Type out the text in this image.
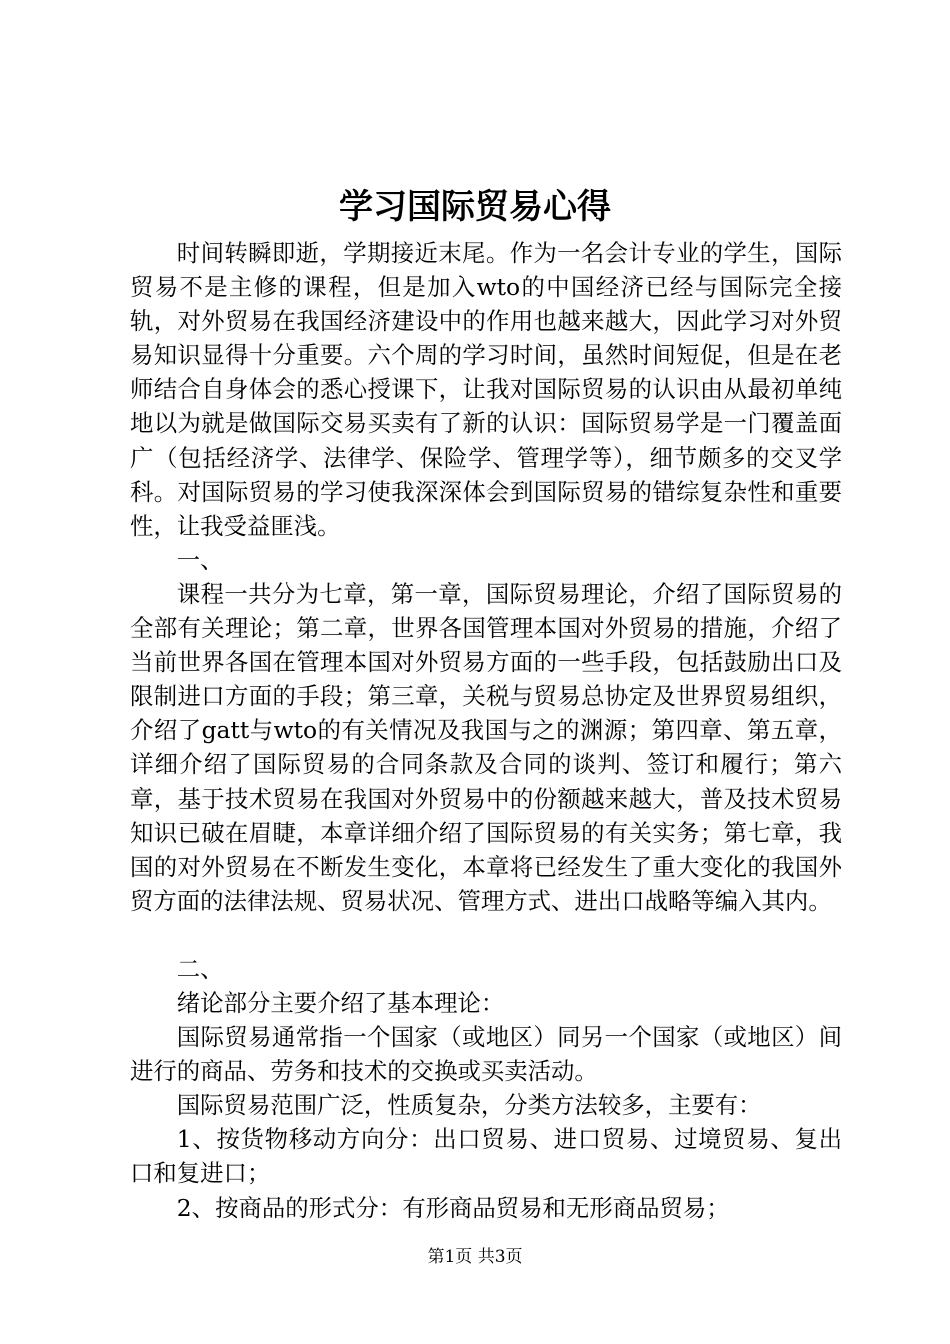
学习国际贸易心得

时间转瞬即逝，学期接近末尾。作为一名会计专业的学生，国际贸易不是主修的课程，但是加入wto的中国经济已经与国际完全接轨，对外贸易在我国经济建设中的作用也越来越大，因此学习对外贸易知识显得十分重要。六个周的学习时间，虽然时间短促，但是在老师结合自身体会的悉心授课下，让我对国际贸易的认识由从最初单纯地以为就是做国际交易买卖有了新的认识：国际贸易学是一门覆盖面广（包括经济学、法律学、保险学、管理学等），细节颇多的交叉学科。对国际贸易的学习使我深深体会到国际贸易的错综复杂性和重要性，让我受益匪浅。

一、

课程一共分为七章，第一章，国际贸易理论，介绍了国际贸易的全部有关理论；第二章，世界各国管理本国对外贸易的措施，介绍了当前世界各国在管理本国对外贸易方面的一些手段，包括鼓励出口及限制进口方面的手段；第三章，关税与贸易总协定及世界贸易组织，介绍了gatt与wto的有关情况及我国与之的渊源；第四章、第五章，详细介绍了国际贸易的合同条款及合同的谈判、签订和履行；第六章，基于技术贸易在我国对外贸易中的份额越来越大，普及技术贸易知识已破在眉睫，本章详细介绍了国际贸易的有关实务；第七章，我国的对外贸易在不断发生变化，本章将已经发生了重大变化的我国外贸方面的法律法规、贸易状况、管理方式、进出口战略等编入其内。

二、

绪论部分主要介绍了基本理论：

国际贸易通常指一个国家（或地区）同另一个国家（或地区）间进行的商品、劳务和技术的交换或买卖活动。

国际贸易范围广泛，性质复杂，分类方法较多，主要有：

1、按货物移动方向分：出口贸易、进口贸易、过境贸易、复出口和复进口；

2、按商品的形式分：有形商品贸易和无形商品贸易；

第1页 共3页
